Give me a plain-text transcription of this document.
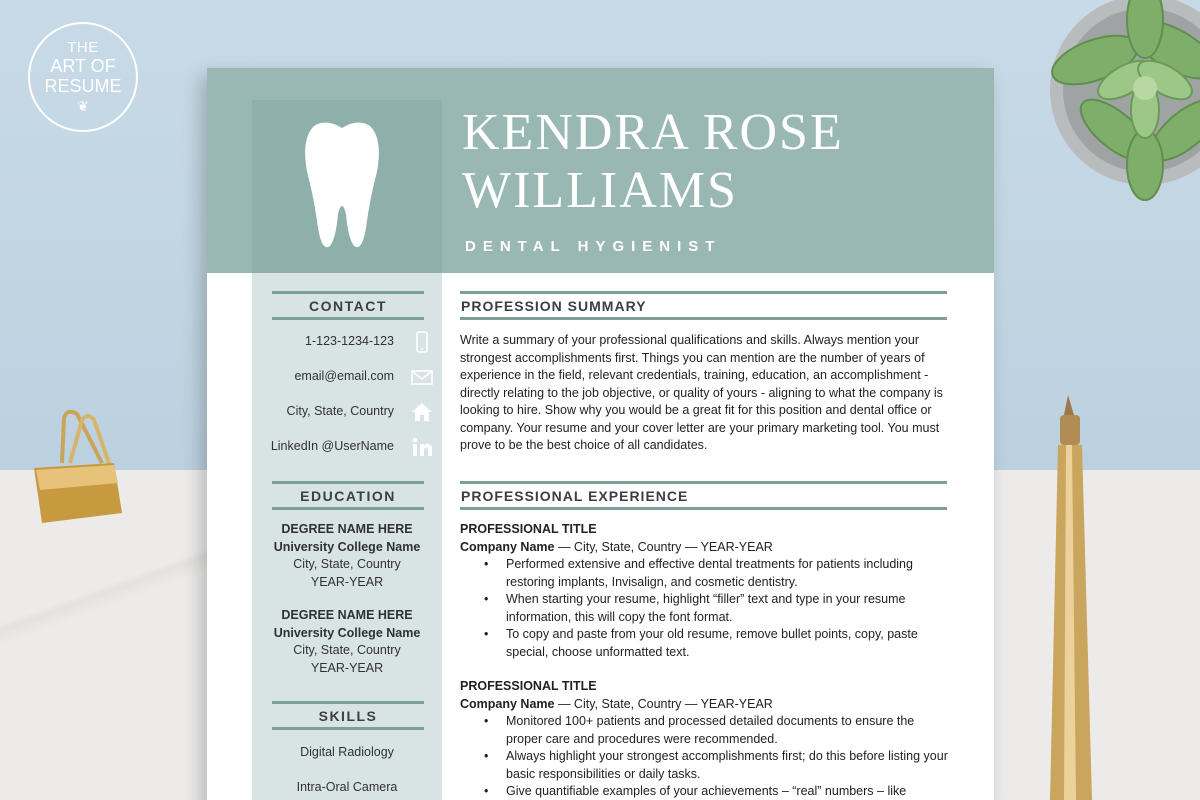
THE
ART OF
RESUME
❦	KENDRA ROSE
WILLIAMS
DENTAL HYGIENIST
CONTACT
1-123-1234-123
email@email.com
City, State, Country
LinkedIn @UserName
EDUCATION
DEGREE NAME HERE
University College Name
City, State, Country
YEAR-YEAR
DEGREE NAME HERE
University College Name
City, State, Country
YEAR-YEAR
SKILLS
Digital Radiology
Intra-Oral Camera
PROFESSION SUMMARY
Write a summary of your professional qualifications and skills. Always mention your strongest accomplishments first. Things you can mention are the number of years of experience in the field, relevant credentials, training, education, an accomplishment - directly relating to the job objective, or quality of yours - aligning to what the company is looking to hire. Show why you would be a great fit for this position and dental office or company. Your resume and your cover letter are your primary marketing tool. You must prove to be the best choice of all candidates.
PROFESSIONAL EXPERIENCE
PROFESSIONAL TITLE
Company Name — City, State, Country — YEAR-YEAR
• Performed extensive and effective dental treatments for patients including restoring implants, Invisalign, and cosmetic dentistry.
• When starting your resume, highlight “filler” text and type in your resume information, this will copy the font format.
• To copy and paste from your old resume, remove bullet points, copy, paste special, choose unformatted text.
PROFESSIONAL TITLE
Company Name — City, State, Country — YEAR-YEAR
• Monitored 100+ patients and processed detailed documents to ensure the proper care and procedures were recommended.
• Always highlight your strongest accomplishments first; do this before listing your basic responsibilities or daily tasks.
• Give quantifiable examples of your achievements – “real” numbers – like
